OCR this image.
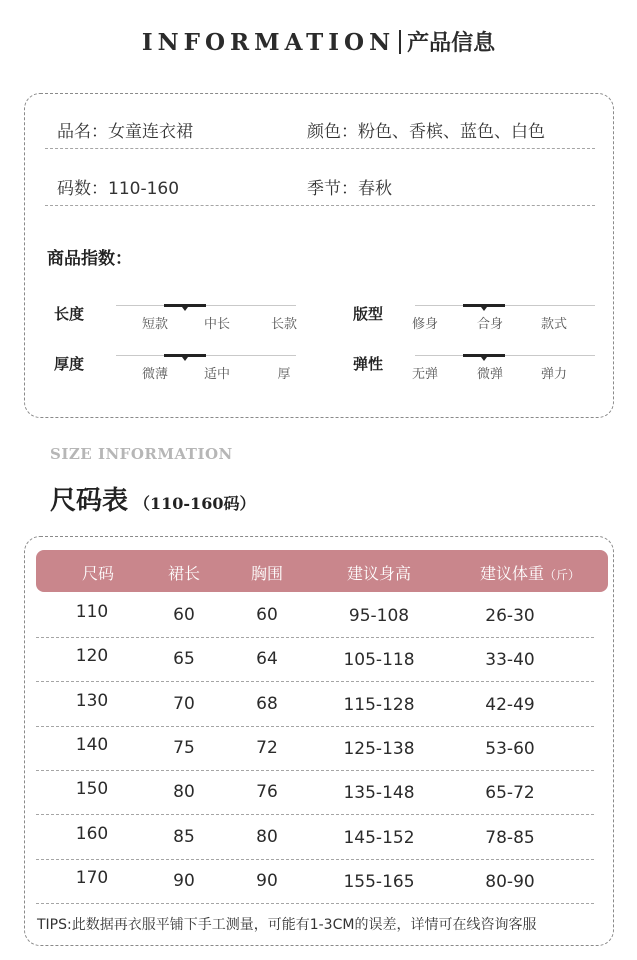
INFORMATION 产品信息
品名：女童连衣裙	颜色：粉色、香槟、蓝色、白色
码数：110-160	季节：春秋
商品指数：
长度
短款	中长	长款
版型
修身	合身	款式
厚度
微薄	适中	厚
弹性
无弹	微弹	弹力
SIZE INFORMATION
尺码表 （110-160码）
尺码	裙长	胸围	建议身高	建议体重（斤）
110	60	60	95-108	26-30
120	65	64	105-118	33-40
130	70	68	115-128	42-49
140	75	72	125-138	53-60
150	80	76	135-148	65-72
160	85	80	145-152	78-85
170	90	90	155-165	80-90
TIPS:此数据再衣服平铺下手工测量，可能有1-3CM的误差，详情可在线咨询客服
